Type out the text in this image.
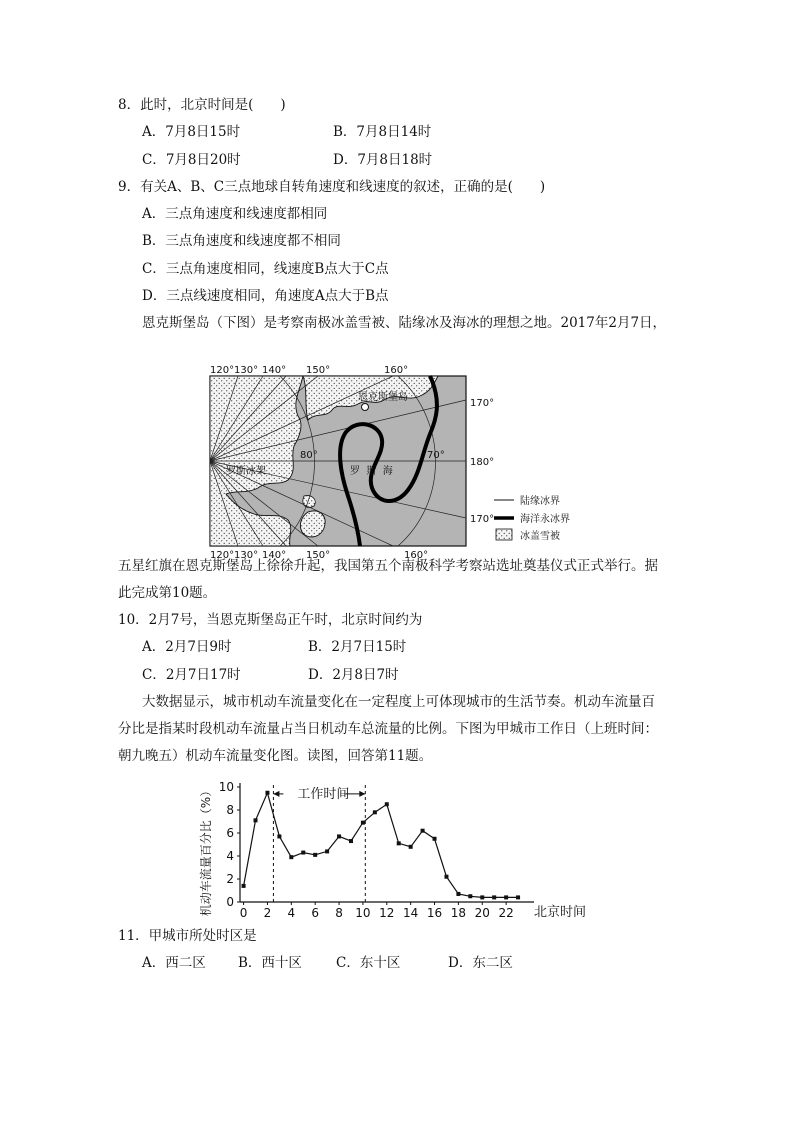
8．此时，北京时间是(　　)
A．7月8日15时	B．7月8日14时
C．7月8日20时	D．7月8日18时
9．有关A、B、C三点地球自转角速度和线速度的叙述，正确的是(　　)
A．三点角速度和线速度都相同
B．三点角速度和线速度都不相同
C．三点角速度相同，线速度B点大于C点
D．三点线速度相同，角速度A点大于B点
恩克斯堡岛（下图）是考察南极冰盖雪被、陆缘冰及海冰的理想之地。2017年2月7日，
120° 130° 140° 150°	160°
120° 130° 140° 150°	160°
170°
180°
170°
80°	70°
恩克斯堡岛
罗斯冰架	罗  斯  海
陆缘冰界
海洋永冰界
冰盖雪被
五星红旗在恩克斯堡岛上徐徐升起，我国第五个南极科学考察站选址奠基仪式正式举行。据
此完成第10题。
10．2月7号，当恩克斯堡岛正午时，北京时间约为
A．2月7日9时	B．2月7日15时
C．2月7日17时	D．2月8日7时
大数据显示，城市机动车流量变化在一定程度上可体现城市的生活节奏。机动车流量百
分比是指某时段机动车流量占当日机动车总流量的比例。下图为甲城市工作日（上班时间：
朝九晚五）机动车流量变化图。读图，回答第11题。
0 2 4 6 8 10 12 14 16 18 20 22
0
2
4
6
8
10
机动车流量百分比（%）	北京时间
工作时间
11．甲城市所处时区是
A．西二区 B．西十区	C．东十区	D．东二区
